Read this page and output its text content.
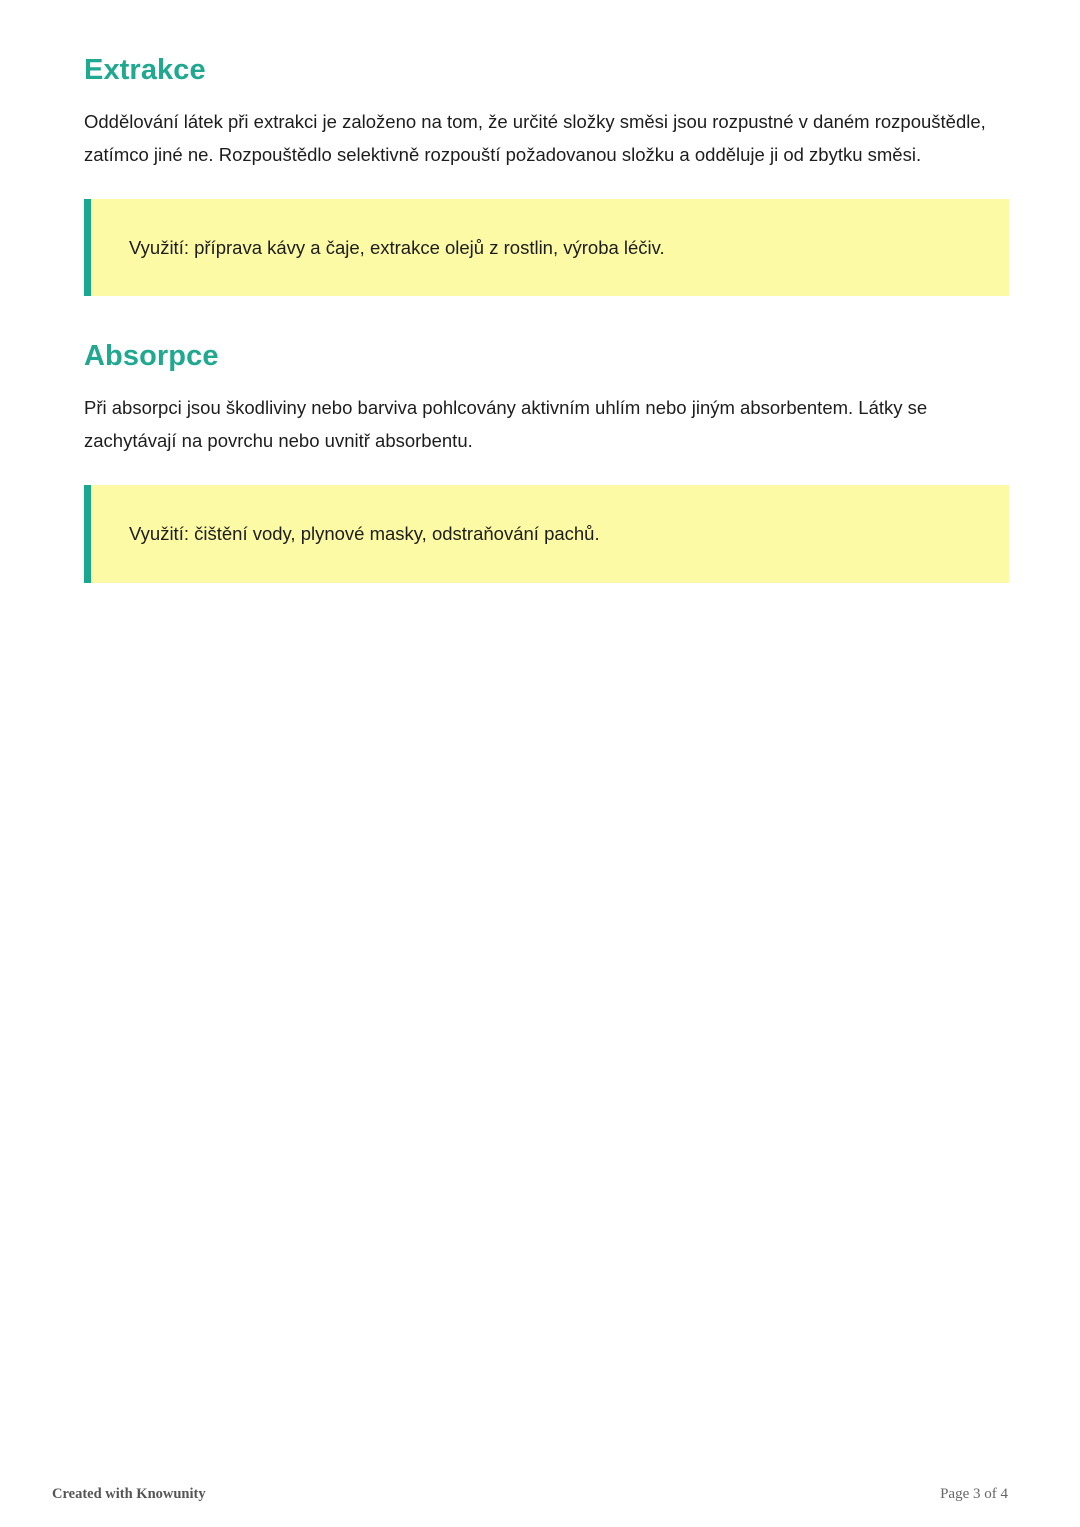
Extrakce

Oddělování látek při extrakci je založeno na tom, že určité složky směsi jsou rozpustné v daném rozpouštědle, zatímco jiné ne. Rozpouštědlo selektivně rozpouští požadovanou složku a odděluje ji od zbytku směsi.

Využití: příprava kávy a čaje, extrakce olejů z rostlin, výroba léčiv.

Absorpce

Při absorpci jsou škodliviny nebo barviva pohlcovány aktivním uhlím nebo jiným absorbentem. Látky se zachytávají na povrchu nebo uvnitř absorbentu.

Využití: čištění vody, plynové masky, odstraňování pachů.

Created with Knowunity	Page 3 of 4
